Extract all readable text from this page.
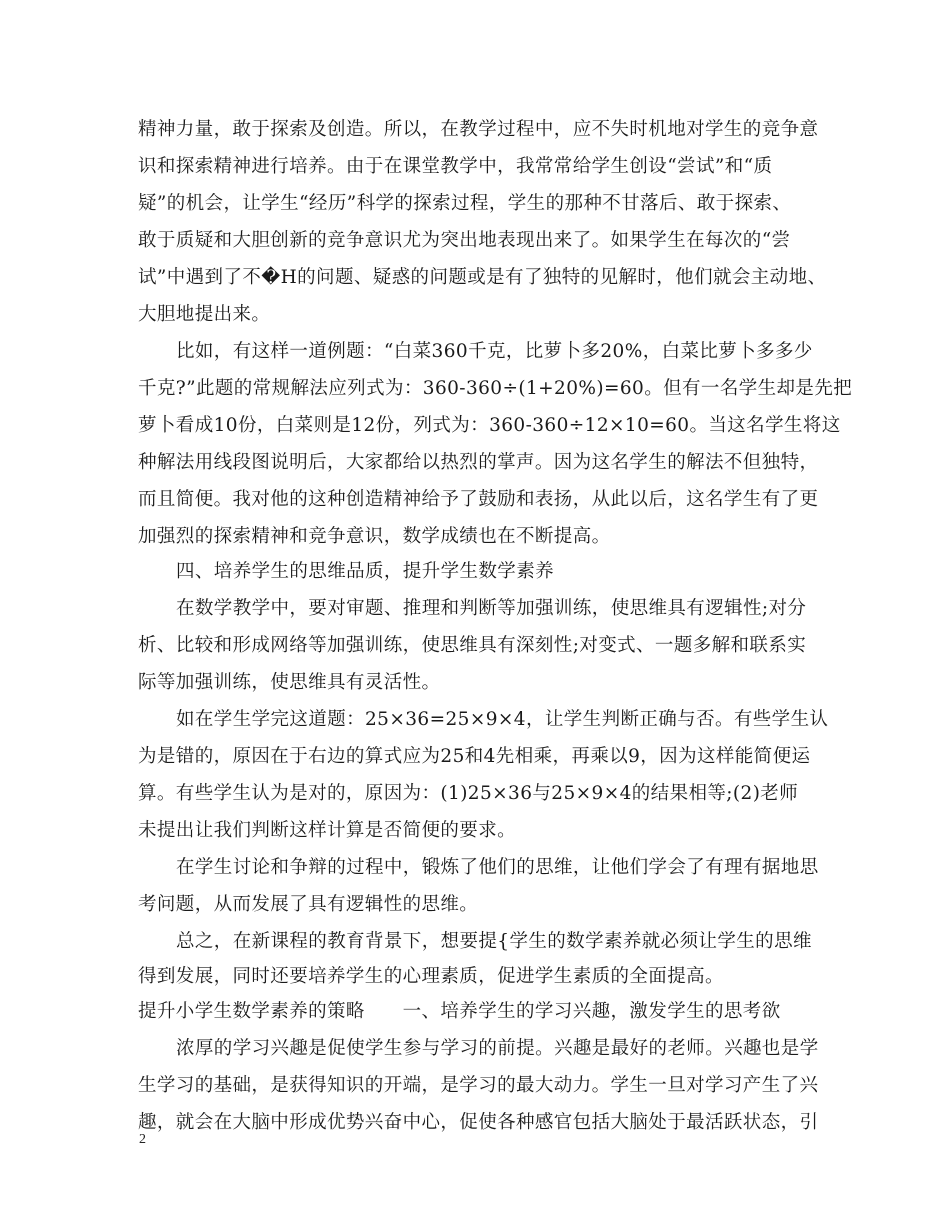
精神力量，敢于探索及创造。所以，在教学过程中，应不失时机地对学生的竞争意
识和探索精神进行培养。由于在课堂教学中，我常常给学生创设“尝试”和“质
疑”的机会，让学生“经历”科学的探索过程，学生的那种不甘落后、敢于探索、
敢于质疑和大胆创新的竞争意识尤为突出地表现出来了。如果学生在每次的“尝
试”中遇到了不�H的问题、疑惑的问题或是有了独特的见解时，他们就会主动地、
大胆地提出来。
比如，有这样一道例题：“白菜360千克，比萝卜多20%，白菜比萝卜多多少
千克?”此题的常规解法应列式为：360-360÷(1+20%)=60。但有一名学生却是先把
萝卜看成10份，白菜则是12份，列式为：360-360÷12×10=60。当这名学生将这
种解法用线段图说明后，大家都给以热烈的掌声。因为这名学生的解法不但独特，
而且简便。我对他的这种创造精神给予了鼓励和表扬，从此以后，这名学生有了更
加强烈的探索精神和竞争意识，数学成绩也在不断提高。
四、培养学生的思维品质，提升学生数学素养
在数学教学中，要对审题、推理和判断等加强训练，使思维具有逻辑性;对分
析、比较和形成网络等加强训练，使思维具有深刻性;对变式、一题多解和联系实
际等加强训练，使思维具有灵活性。
如在学生学完这道题：25×36=25×9×4，让学生判断正确与否。有些学生认
为是错的，原因在于右边的算式应为25和4先相乘，再乘以9，因为这样能简便运
算。有些学生认为是对的，原因为：(1)25×36与25×9×4的结果相等;(2)老师
未提出让我们判断这样计算是否简便的要求。
在学生讨论和争辩的过程中，锻炼了他们的思维，让他们学会了有理有据地思
考问题，从而发展了具有逻辑性的思维。
总之，在新课程的教育背景下，想要提{学生的数学素养就必须让学生的思维
得到发展，同时还要培养学生的心理素质，促进学生素质的全面提高。
提升小学生数学素养的策略　　一、培养学生的学习兴趣，激发学生的思考欲
浓厚的学习兴趣是促使学生参与学习的前提。兴趣是最好的老师。兴趣也是学
生学习的基础，是获得知识的开端，是学习的最大动力。学生一旦对学习产生了兴
趣，就会在大脑中形成优势兴奋中心，促使各种感官包括大脑处于最活跃状态，引
2
